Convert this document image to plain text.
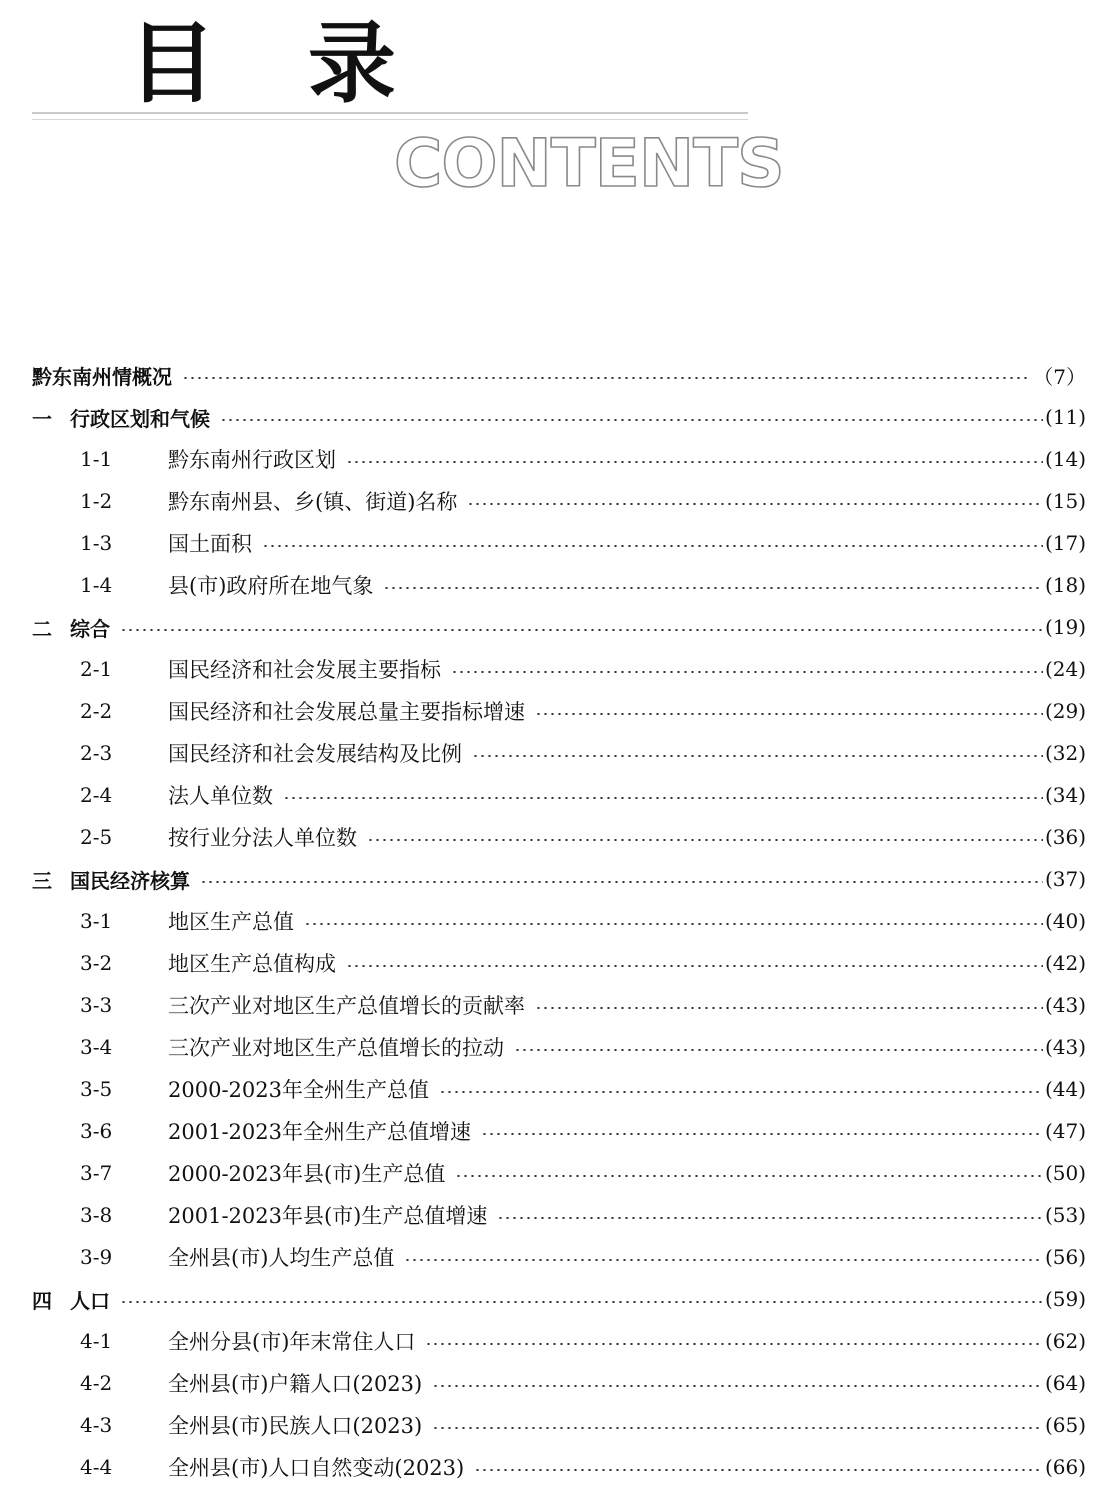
目   录
CONTENTS
黔东南州情概况	（7）
一 行政区划和气候	(11)
1-1	黔东南州行政区划	(14)
1-2	黔东南州县、乡(镇、街道)名称	(15)
1-3	国土面积	(17)
1-4	县(市)政府所在地气象	(18)
二 综合	(19)
2-1	国民经济和社会发展主要指标	(24)
2-2	国民经济和社会发展总量主要指标增速	(29)
2-3	国民经济和社会发展结构及比例	(32)
2-4	法人单位数	(34)
2-5	按行业分法人单位数	(36)
三 国民经济核算	(37)
3-1	地区生产总值	(40)
3-2	地区生产总值构成	(42)
3-3	三次产业对地区生产总值增长的贡献率	(43)
3-4	三次产业对地区生产总值增长的拉动	(43)
3-5	2000-2023年全州生产总值	(44)
3-6	2001-2023年全州生产总值增速	(47)
3-7	2000-2023年县(市)生产总值	(50)
3-8	2001-2023年县(市)生产总值增速	(53)
3-9	全州县(市)人均生产总值	(56)
四 人口	(59)
4-1	全州分县(市)年末常住人口	(62)
4-2	全州县(市)户籍人口(2023)	(64)
4-3	全州县(市)民族人口(2023)	(65)
4-4	全州县(市)人口自然变动(2023)	(66)
